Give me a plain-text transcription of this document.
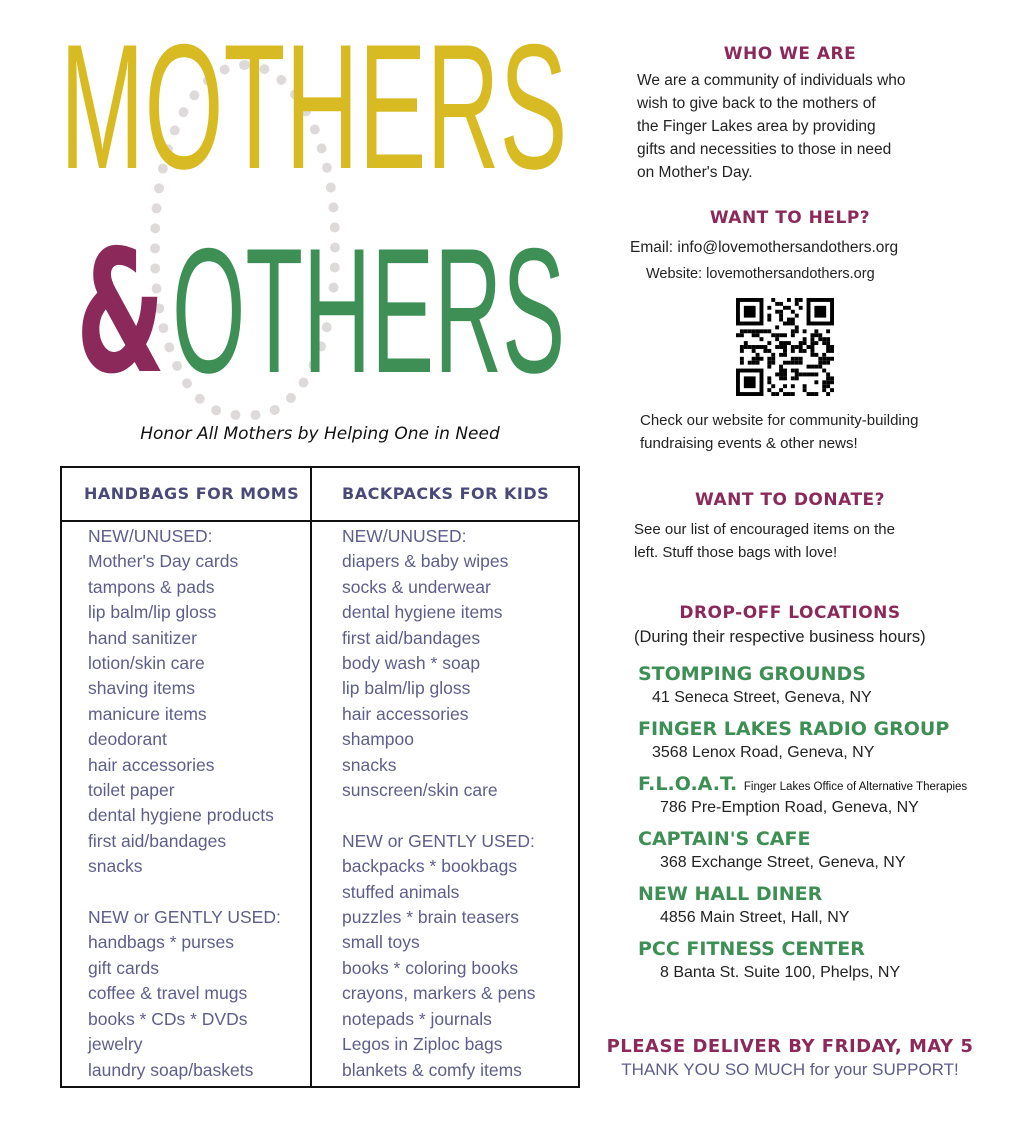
MOTHERS
& OTHERS
Honor All Mothers by Helping One in Need
HANDBAGS FOR MOMS	BACKPACKS FOR KIDS
NEW/UNUSED:
Mother's Day cards
tampons & pads
lip balm/lip gloss
hand sanitizer
lotion/skin care
shaving items
manicure items
deodorant
hair accessories
toilet paper
dental hygiene products
first aid/bandages
snacks
NEW or GENTLY USED:
handbags * purses
gift cards
coffee & travel mugs
books * CDs * DVDs
jewelry
laundry soap/baskets
NEW/UNUSED:
diapers & baby wipes
socks & underwear
dental hygiene items
first aid/bandages
body wash * soap
lip balm/lip gloss
hair accessories
shampoo
snacks
sunscreen/skin care
NEW or GENTLY USED:
backpacks * bookbags
stuffed animals
puzzles * brain teasers
small toys
books * coloring books
crayons, markers & pens
notepads * journals
Legos in Ziploc bags
blankets & comfy items
WHO WE ARE
We are a community of individuals who
wish to give back to the mothers of
the Finger Lakes area by providing
gifts and necessities to those in need
on Mother's Day.
WANT TO HELP?
Email: info@lovemothersandothers.org
Website: lovemothersandothers.org
Check our website for community-building
fundraising events & other news!
WANT TO DONATE?
See our list of encouraged items on the
left. Stuff those bags with love!
DROP-OFF LOCATIONS
(During their respective business hours)
STOMPING GROUNDS
41 Seneca Street, Geneva, NY
FINGER LAKES RADIO GROUP
3568 Lenox Road, Geneva, NY
F.L.O.A.T. Finger Lakes Office of Alternative Therapies
786 Pre-Emption Road, Geneva, NY
CAPTAIN'S CAFE
368 Exchange Street, Geneva, NY
NEW HALL DINER
4856 Main Street, Hall, NY
PCC FITNESS CENTER
8 Banta St. Suite 100, Phelps, NY
PLEASE DELIVER BY FRIDAY, MAY 5
THANK YOU SO MUCH for your SUPPORT!
